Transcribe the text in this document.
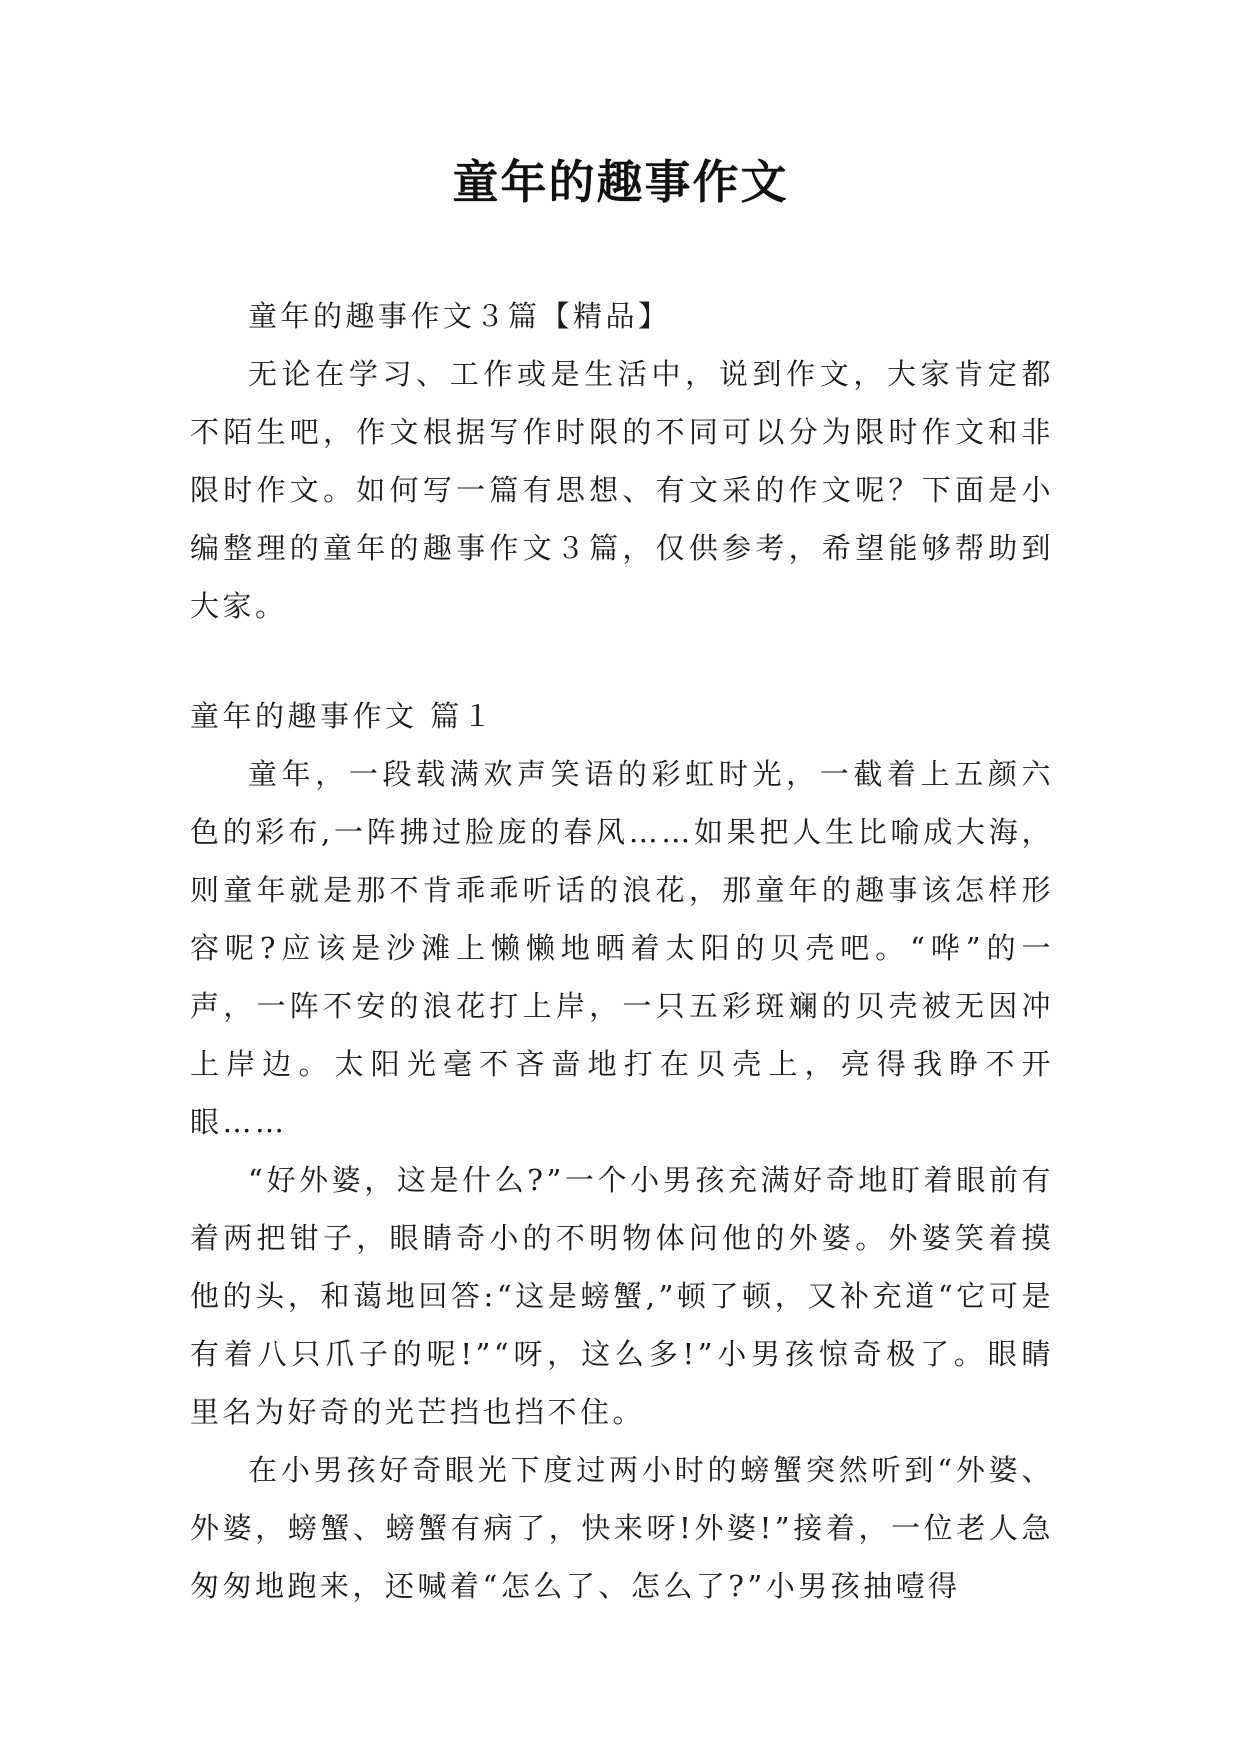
童年的趣事作文

童年的趣事作文３篇【精品】

无论在学习、工作或是生活中，说到作文，大家肯定都不陌生吧，作文根据写作时限的不同可以分为限时作文和非限时作文。如何写一篇有思想、有文采的作文呢？下面是小编整理的童年的趣事作文３篇，仅供参考，希望能够帮助到大家。

童年的趣事作文 篇１

童年，一段载满欢声笑语的彩虹时光，一截着上五颜六色的彩布,一阵拂过脸庞的春风……如果把人生比喻成大海，则童年就是那不肯乖乖听话的浪花，那童年的趣事该怎样形容呢?应该是沙滩上懒懒地晒着太阳的贝壳吧。“哗”的一声，一阵不安的浪花打上岸，一只五彩斑斓的贝壳被无因冲上岸边。太阳光毫不吝啬地打在贝壳上，亮得我睁不开眼……

“好外婆，这是什么?”一个小男孩充满好奇地盯着眼前有着两把钳子，眼睛奇小的不明物体问他的外婆。外婆笑着摸他的头，和蔼地回答:“这是螃蟹,”顿了顿，又补充道“它可是有着八只爪子的呢!”“呀，这么多!”小男孩惊奇极了。眼睛里名为好奇的光芒挡也挡不住。

在小男孩好奇眼光下度过两小时的螃蟹突然听到“外婆、外婆，螃蟹、螃蟹有病了，快来呀!外婆!”接着，一位老人急匆匆地跑来，还喊着“怎么了、怎么了?”小男孩抽噎得
